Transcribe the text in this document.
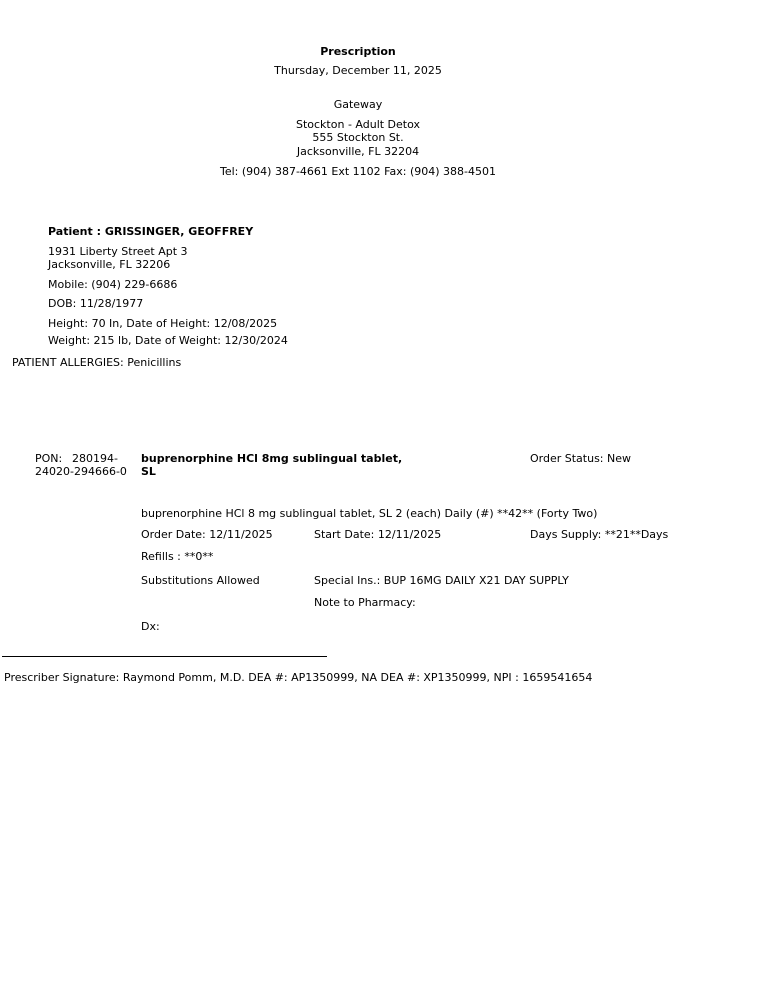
Prescription
Thursday, December 11, 2025
Gateway
Stockton - Adult Detox
555 Stockton St.
Jacksonville, FL 32204
Tel: (904) 387-4661 Ext 1102 Fax: (904) 388-4501
Patient : GRISSINGER, GEOFFREY
1931 Liberty Street Apt 3
Jacksonville, FL 32206
Mobile: (904) 229-6686
DOB: 11/28/1977
Height: 70 In, Date of Height: 12/08/2025
Weight: 215 lb, Date of Weight: 12/30/2024
PATIENT ALLERGIES: Penicillins
PON: 280194-
24020-294666-0
buprenorphine HCl 8mg sublingual tablet,
SL
Order Status: New
buprenorphine HCl 8 mg sublingual tablet, SL 2 (each) Daily (#) **42** (Forty Two)
Order Date: 12/11/2025	Start Date: 12/11/2025	Days Supply: **21**Days
Refills : **0**
Substitutions Allowed	Special Ins.: BUP 16MG DAILY X21 DAY SUPPLY
Note to Pharmacy:
Dx:
Prescriber Signature: Raymond Pomm, M.D. DEA #: AP1350999, NA DEA #: XP1350999, NPI : 1659541654
